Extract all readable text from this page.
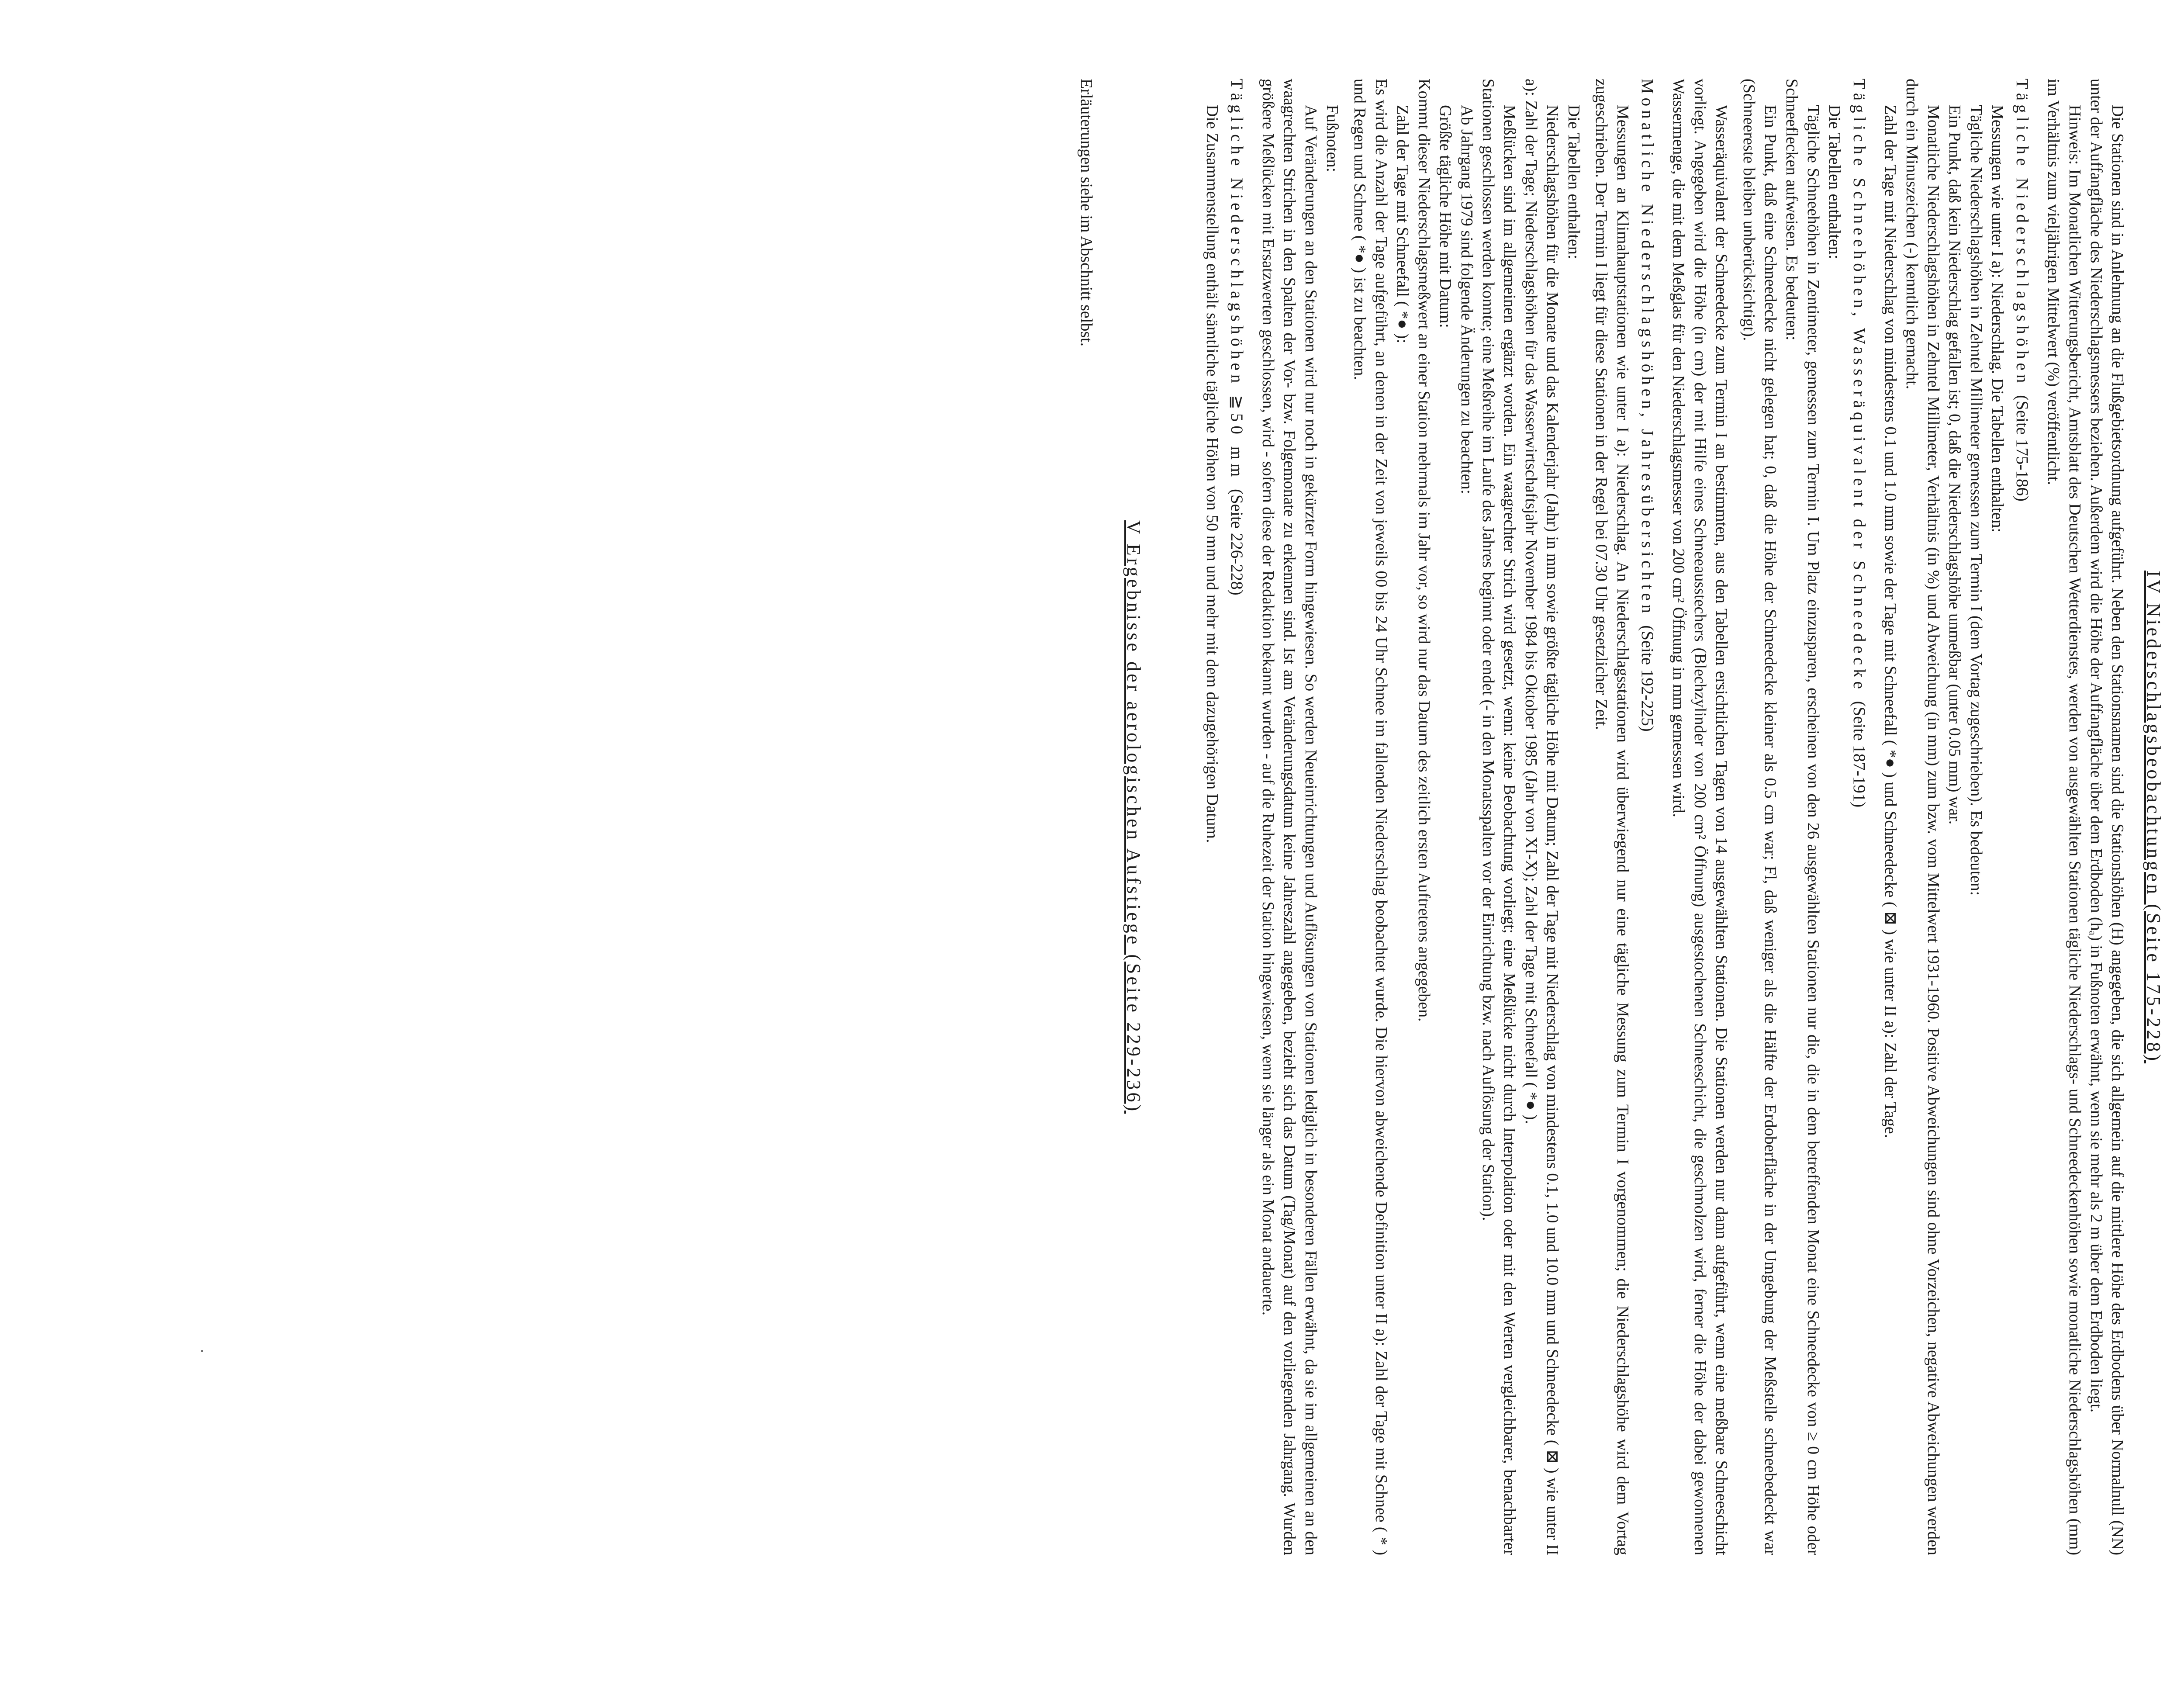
IV Niederschlagsbeobachtungen (Seite 175-228)

Die Stationen sind in Anlehnung an die Flußgebietsordnung aufgeführt. Neben den Stationsnamen sind die Stationshöhen (H) angegeben, die sich allgemein auf die mittlere Höhe des Erdbodens über Normalnull (NN) unter der Auffangfläche des Niederschlagsmessers beziehen. Außerdem wird die Höhe der Auffangfläche über dem Erdboden (hₐ) in Fußnoten erwähnt, wenn sie mehr als 2 m über dem Erdboden liegt.

Hinweis: Im Monatlichen Witterungsbericht, Amtsblatt des Deutschen Wetterdienstes, werden von ausgewählten Stationen tägliche Niederschlags- und Schneedeckenhöhen sowie monatliche Niederschlagshöhen (mm) im Verhältnis zum vieljährigen Mittelwert (%) veröffentlicht.

Tägliche Niederschlagshöhen (Seite 175-186)

Messungen wie unter I a): Niederschlag. Die Tabellen enthalten:

Tägliche Niederschlagshöhen in Zehntel Millimeter gemessen zum Termin I (dem Vortag zugeschrieben). Es bedeuten:

Ein Punkt, daß kein Niederschlag gefallen ist; 0, daß die Niederschlagshöhe unmeßbar (unter 0.05 mm) war.

Monatliche Niederschlagshöhen in Zehntel Millimeter, Verhältnis (in %) und Abweichung (in mm) zum bzw. vom Mittelwert 1931-1960. Positive Abweichungen sind ohne Vorzeichen, negative Abweichungen werden durch ein Minuszeichen (-) kenntlich gemacht.

Zahl der Tage mit Niederschlag von mindestens 0.1 und 1.0 mm sowie der Tage mit Schneefall ( *● ) und Schneedecke ( ⊠ ) wie unter II a): Zahl der Tage.

Tägliche Schneehöhen, Wasseräquivalent der Schneedecke (Seite 187-191)

Die Tabellen enthalten:

Tägliche Schneehöhen in Zentimeter, gemessen zum Termin I. Um Platz einzusparen, erscheinen von den 26 ausgewählten Stationen nur die, die in dem betreffenden Monat eine Schneedecke von ≥ 0 cm Höhe oder Schneeflecken aufweisen. Es bedeuten:

Ein Punkt, daß eine Schneedecke nicht gelegen hat; 0, daß die Höhe der Schneedecke kleiner als 0.5 cm war; Fl, daß weniger als die Hälfte der Erdoberfläche in der Umgebung der Meßstelle schneebedeckt war (Schneereste bleiben unberücksichtigt).

Wasseräquivalent der Schneedecke zum Termin I an bestimmten, aus den Tabellen ersichtlichen Tagen von 14 ausgewählten Stationen. Die Stationen werden nur dann aufgeführt, wenn eine meßbare Schneeschicht vorliegt. Angegeben wird die Höhe (in cm) der mit Hilfe eines Schneeausstechers (Blechzylinder von 200 cm² Öffnung) ausgestochenen Schneeschicht, die geschmolzen wird, ferner die Höhe der dabei gewonnenen Wassermenge, die mit dem Meßglas für den Niederschlagsmesser von 200 cm² Öffnung in mm gemessen wird.

Monatliche Niederschlagshöhen, Jahresübersichten (Seite 192-225)

Messungen an Klimahauptstationen wie unter I a): Niederschlag. An Niederschlagsstationen wird überwiegend nur eine tägliche Messung zum Termin I vorgenommen; die Niederschlagshöhe wird dem Vortag zugeschrieben. Der Termin I liegt für diese Stationen in der Regel bei 07.30 Uhr gesetzlicher Zeit.

Die Tabellen enthalten:

Niederschlagshöhen für die Monate und das Kalenderjahr (Jahr) in mm sowie größte tägliche Höhe mit Datum; Zahl der Tage mit Niederschlag von mindestens 0.1, 1.0 und 10.0 mm und Schneedecke ( ⊠ ) wie unter II a): Zahl der Tage; Niederschlagshöhen für das Wasserwirtschaftsjahr November 1984 bis Oktober 1985 (Jahr von XI-X); Zahl der Tage mit Schneefall ( *● ).

Meßlücken sind im allgemeinen ergänzt worden. Ein waagrechter Strich wird gesetzt, wenn: keine Beobachtung vorliegt; eine Meßlücke nicht durch Interpolation oder mit den Werten vergleichbarer, benachbarter Stationen geschlossen werden konnte; eine Meßreihe im Laufe des Jahres beginnt oder endet (- in den Monatsspalten vor der Einrichtung bzw. nach Auflösung der Station).

Ab Jahrgang 1979 sind folgende Änderungen zu beachten:

Größte tägliche Höhe mit Datum:

Kommt dieser Niederschlagsmeßwert an einer Station mehrmals im Jahr vor, so wird nur das Datum des zeitlich ersten Auftretens angegeben.

Zahl der Tage mit Schneefall ( *● ):

Es wird die Anzahl der Tage aufgeführt, an denen in der Zeit von jeweils 00 bis 24 Uhr Schnee im fallenden Niederschlag beobachtet wurde. Die hiervon abweichende Definition unter II a): Zahl der Tage mit Schnee ( * ) und Regen und Schnee ( *● ) ist zu beachten.

Fußnoten:

Auf Veränderungen an den Stationen wird nur noch in gekürzter Form hingewiesen. So werden Neueinrichtungen und Auflösungen von Stationen lediglich in besonderen Fällen erwähnt, da sie im allgemeinen an den waagrechten Strichen in den Spalten der Vor- bzw. Folgemonate zu erkennen sind. Ist am Veränderungsdatum keine Jahreszahl angegeben, bezieht sich das Datum (Tag/Monat) auf den vorliegenden Jahrgang. Wurden größere Meßlücken mit Ersatzwerten geschlossen, wird - sofern diese der Redaktion bekannt wurden - auf die Ruhezeit der Station hingewiesen, wenn sie länger als ein Monat andauerte.

Tägliche Niederschlagshöhen ≧50 mm (Seite 226-228)

Die Zusammenstellung enthält sämtliche tägliche Höhen von 50 mm und mehr mit dem dazugehörigen Datum.

V Ergebnisse der aerologischen Aufstiege (Seite 229-236)

Erläuterungen siehe im Abschnitt selbst.
